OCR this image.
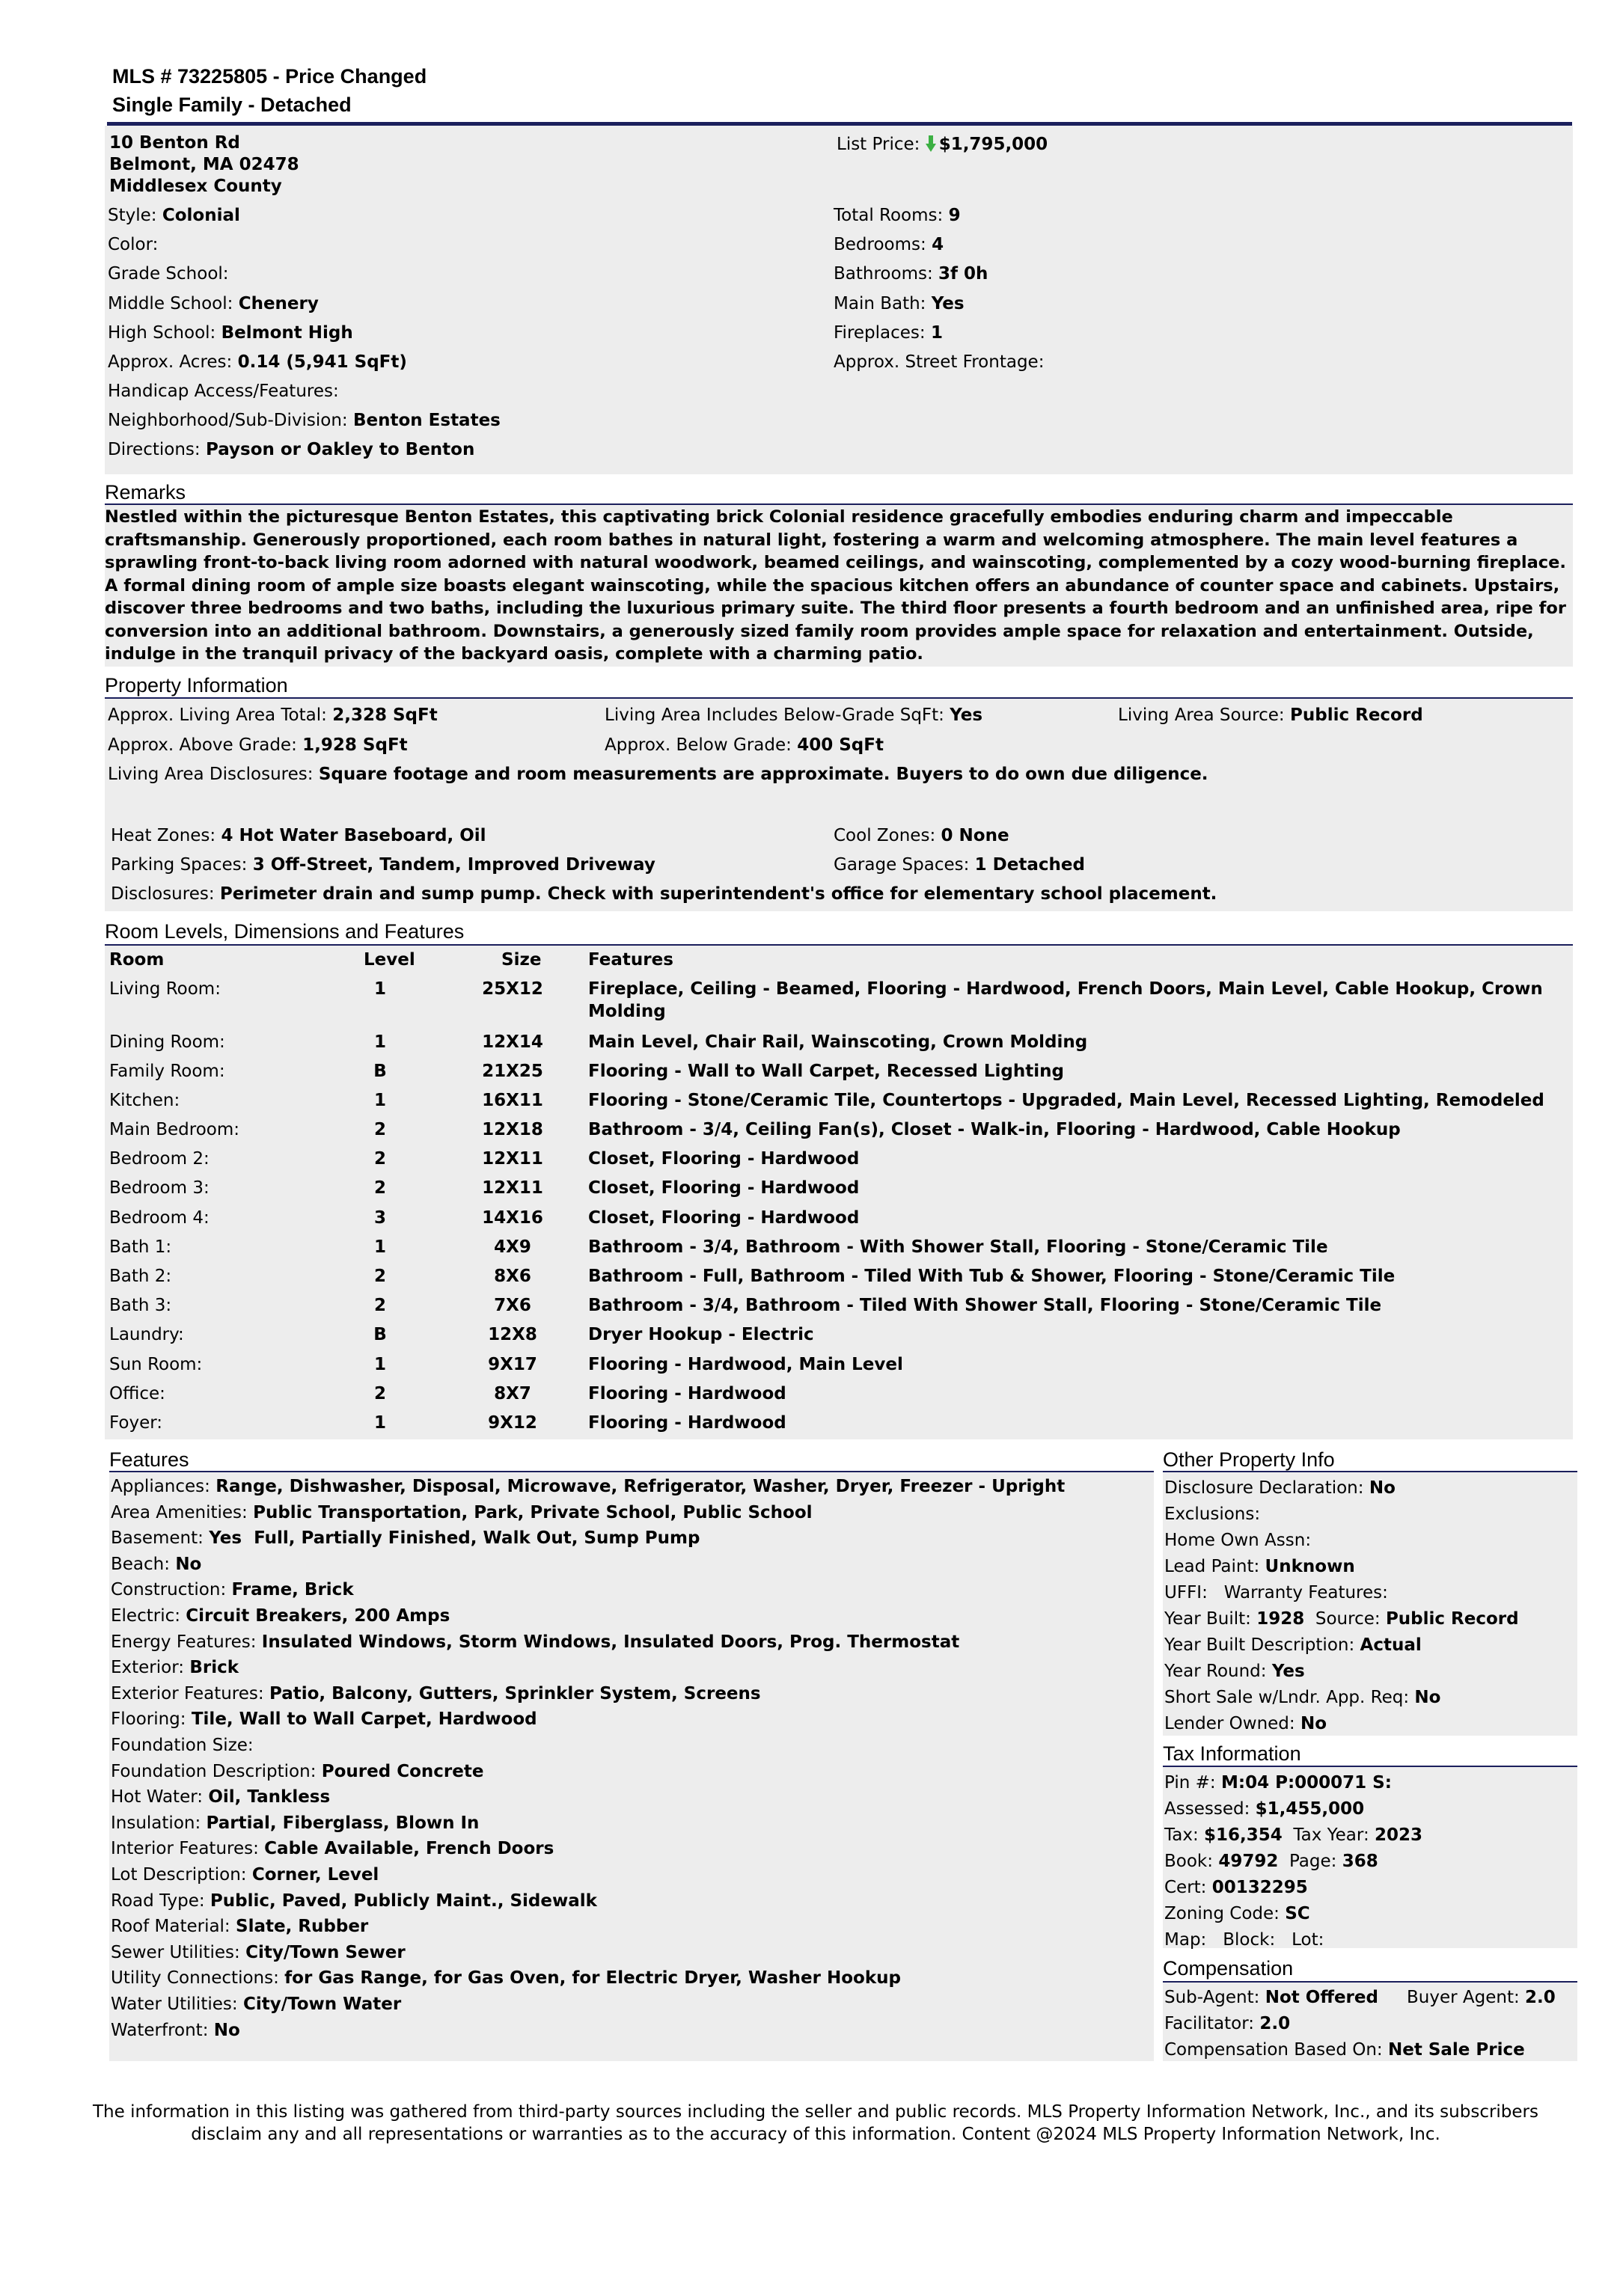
MLS # 73225805 - Price Changed
Single Family - Detached
10 Benton Rd
Belmont, MA 02478
Middlesex County
List Price: $1,795,000
Style: Colonial
Color:
Grade School:
Middle School: Chenery
High School: Belmont High
Approx. Acres: 0.14 (5,941 SqFt)
Handicap Access/Features:
Neighborhood/Sub-Division: Benton Estates
Directions: Payson or Oakley to Benton
Total Rooms: 9
Bedrooms: 4
Bathrooms: 3f 0h
Main Bath: Yes
Fireplaces: 1
Approx. Street Frontage:
Remarks
Nestled within the picturesque Benton Estates, this captivating brick Colonial residence gracefully embodies enduring charm and impeccable craftsmanship. Generously proportioned, each room bathes in natural light, fostering a warm and welcoming atmosphere. The main level features a sprawling front-to-back living room adorned with natural woodwork, beamed ceilings, and wainscoting, complemented by a cozy wood-burning fireplace. A formal dining room of ample size boasts elegant wainscoting, while the spacious kitchen offers an abundance of counter space and cabinets. Upstairs, discover three bedrooms and two baths, including the luxurious primary suite. The third floor presents a fourth bedroom and an unfinished area, ripe for conversion into an additional bathroom. Downstairs, a generously sized family room provides ample space for relaxation and entertainment. Outside, indulge in the tranquil privacy of the backyard oasis, complete with a charming patio.
Property Information
Approx. Living Area Total: 2,328 SqFt	Living Area Includes Below-Grade SqFt: Yes	Living Area Source: Public Record
Approx. Above Grade: 1,928 SqFt	Approx. Below Grade: 400 SqFt
Living Area Disclosures: Square footage and room measurements are approximate. Buyers to do own due diligence.
Heat Zones: 4 Hot Water Baseboard, Oil	Cool Zones: 0 None
Parking Spaces: 3 Off-Street, Tandem, Improved Driveway	Garage Spaces: 1 Detached
Disclosures: Perimeter drain and sump pump. Check with superintendent's office for elementary school placement.
Room Levels, Dimensions and Features
Room	Level	Size	Features
Living Room:	1	25X12	Fireplace, Ceiling - Beamed, Flooring - Hardwood, French Doors, Main Level, Cable Hookup, Crown
Molding
Dining Room:	1	12X14	Main Level, Chair Rail, Wainscoting, Crown Molding
Family Room:	B	21X25	Flooring - Wall to Wall Carpet, Recessed Lighting
Kitchen:	1	16X11	Flooring - Stone/Ceramic Tile, Countertops - Upgraded, Main Level, Recessed Lighting, Remodeled
Main Bedroom:	2	12X18	Bathroom - 3/4, Ceiling Fan(s), Closet - Walk-in, Flooring - Hardwood, Cable Hookup
Bedroom 2:	2	12X11	Closet, Flooring - Hardwood
Bedroom 3:	2	12X11	Closet, Flooring - Hardwood
Bedroom 4:	3	14X16	Closet, Flooring - Hardwood
Bath 1:	1	4X9	Bathroom - 3/4, Bathroom - With Shower Stall, Flooring - Stone/Ceramic Tile
Bath 2:	2	8X6	Bathroom - Full, Bathroom - Tiled With Tub & Shower, Flooring - Stone/Ceramic Tile
Bath 3:	2	7X6	Bathroom - 3/4, Bathroom - Tiled With Shower Stall, Flooring - Stone/Ceramic Tile
Laundry:	B	12X8	Dryer Hookup - Electric
Sun Room:	1	9X17	Flooring - Hardwood, Main Level
Office:	2	8X7	Flooring - Hardwood
Foyer:	1	9X12	Flooring - Hardwood
Features
Appliances: Range, Dishwasher, Disposal, Microwave, Refrigerator, Washer, Dryer, Freezer - Upright
Area Amenities: Public Transportation, Park, Private School, Public School
Basement: Yes  Full, Partially Finished, Walk Out, Sump Pump
Beach: No
Construction: Frame, Brick
Electric: Circuit Breakers, 200 Amps
Energy Features: Insulated Windows, Storm Windows, Insulated Doors, Prog. Thermostat
Exterior: Brick
Exterior Features: Patio, Balcony, Gutters, Sprinkler System, Screens
Flooring: Tile, Wall to Wall Carpet, Hardwood
Foundation Size:
Foundation Description: Poured Concrete
Hot Water: Oil, Tankless
Insulation: Partial, Fiberglass, Blown In
Interior Features: Cable Available, French Doors
Lot Description: Corner, Level
Road Type: Public, Paved, Publicly Maint., Sidewalk
Roof Material: Slate, Rubber
Sewer Utilities: City/Town Sewer
Utility Connections: for Gas Range, for Gas Oven, for Electric Dryer, Washer Hookup
Water Utilities: City/Town Water
Waterfront: No
Other Property Info
Disclosure Declaration: No
Exclusions:
Home Own Assn:
Lead Paint: Unknown
UFFI: Warranty Features:
Year Built: 1928 Source: Public Record
Year Built Description: Actual
Year Round: Yes
Short Sale w/Lndr. App. Req: No
Lender Owned: No
Tax Information
Pin #: M:04 P:000071 S:
Assessed: $1,455,000
Tax: $16,354 Tax Year: 2023
Book: 49792 Page: 368
Cert: 00132295
Zoning Code: SC
Map: Block: Lot:
Compensation
Sub-Agent: Not Offered Buyer Agent: 2.0
Facilitator: 2.0
Compensation Based On: Net Sale Price
The information in this listing was gathered from third-party sources including the seller and public records. MLS Property Information Network, Inc., and its subscribers
disclaim any and all representations or warranties as to the accuracy of this information. Content @2024 MLS Property Information Network, Inc.
